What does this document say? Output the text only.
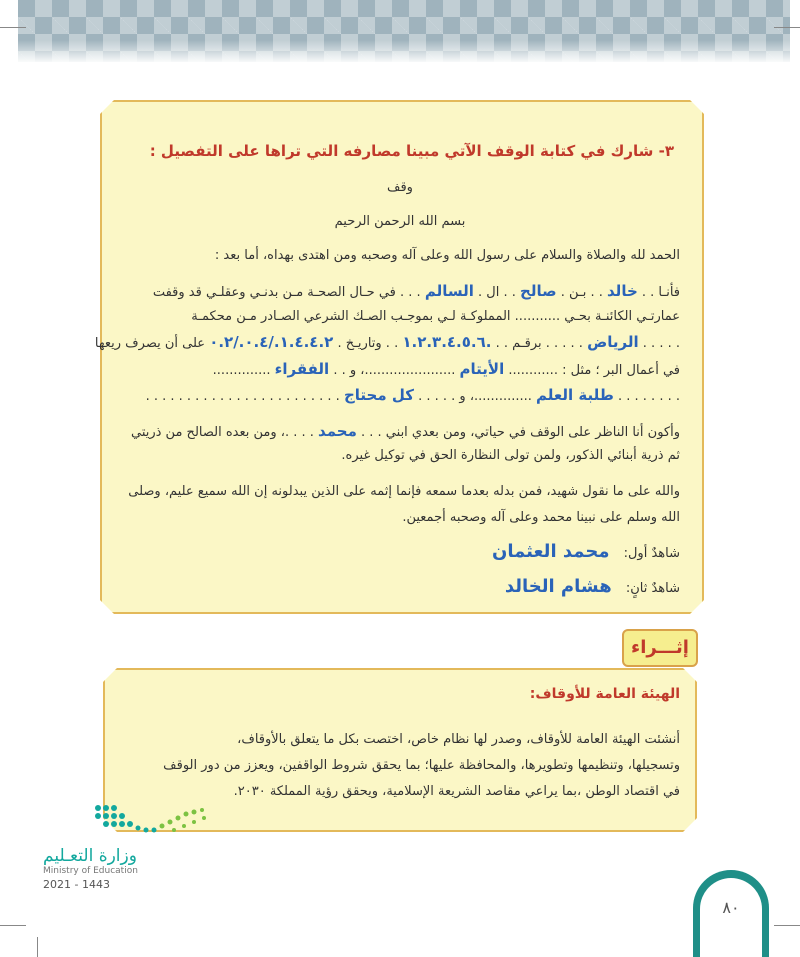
٣- شارك في كتابة الوقف الآتي مبينا مصارفه التي تراها على التفصيل :
وقف
بسم الله الرحمن الرحيم
الحمد لله والصلاة والسلام على رسول الله وعلى آله وصحبه ومن اهتدى بهداه، أما بعد :
فأنـا . . خالد . . بـن . صالح . . ال . السالم . . . في حـال الصحـة مـن بدنـي وعقلـي قد وقفت
عمارتـي الكائنـة بحـي ........... المملوكـة لـي بموجـب الصـك الشرعي الصـادر مـن محكمـة
. . . . . الرياض . . . . . برقـم . . .١.٢.٣.٤.٥.٦ . . وتاريـخ . ١.٤.٤.٢./٠.٤./٠.٢ على أن يصرف ريعها
في أعمال البر ؛ مثل : ............ الأيتام ......................، و . . الفقراء ..............
. . . . . . . . طلبة العلم ..............، و . . . . . كل محتاج . . . . . . . . . . . . . . . . . . . . . . . .
وأكون أنا الناظر على الوقف في حياتي، ومن بعدي ابني . . . محمد . . . .، ومن بعده الصالح من ذريتي
ثم ذرية أبنائي الذكور، ولمن تولى النظارة الحق في توكيل غيره.
والله على ما نقول شهيد، فمن بدله بعدما سمعه فإنما إثمه على الذين يبدلونه إن الله سميع عليم، وصلى
الله وسلم على نبينا محمد وعلى آله وصحبه أجمعين.
شاهدٌ أول: محمد العثمان
شاهدٌ ثانٍ: هشام الخالد
إثـــراء
الهيئة العامة للأوقاف:
أنشئت الهيئة العامة للأوقاف، وصدر لها نظام خاص، اختصت بكل ما يتعلق بالأوقاف،
وتسجيلها، وتنظيمها وتطويرها، والمحافظة عليها؛ بما يحقق شروط الواقفين، ويعزز من دور الوقف
في اقتصاد الوطن ،بما يراعي مقاصد الشريعة الإسلامية، ويحقق رؤية المملكة ٢٠٣٠.
وزارة التعـليم
Ministry of Education
2021 - 1443
٨٠
